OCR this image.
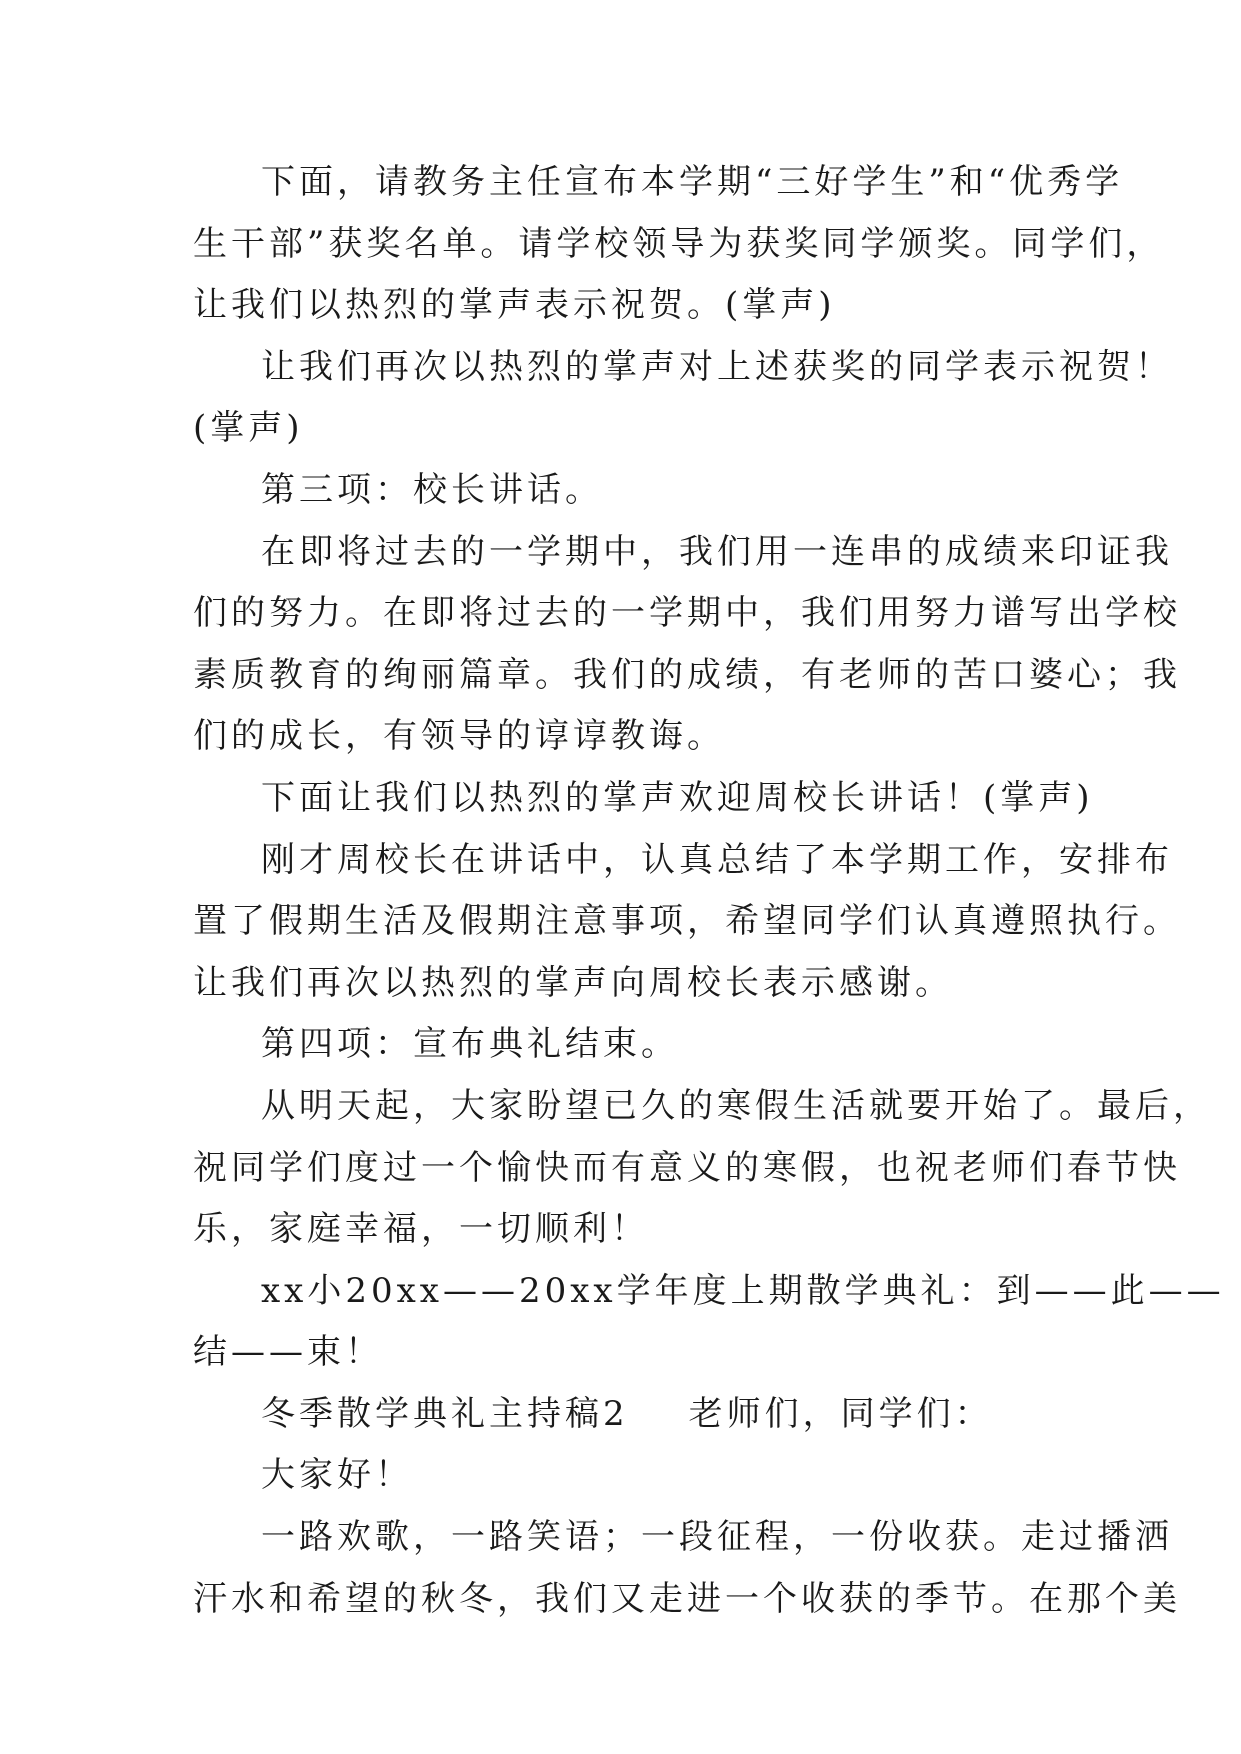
下面，请教务主任宣布本学期“三好学生”和“优秀学

生干部”获奖名单。请学校领导为获奖同学颁奖。同学们，

让我们以热烈的掌声表示祝贺。(掌声)

让我们再次以热烈的掌声对上述获奖的同学表示祝贺！

(掌声)

第三项：校长讲话。

在即将过去的一学期中，我们用一连串的成绩来印证我

们的努力。在即将过去的一学期中，我们用努力谱写出学校

素质教育的绚丽篇章。我们的成绩，有老师的苦口婆心；我

们的成长，有领导的谆谆教诲。

下面让我们以热烈的掌声欢迎周校长讲话！(掌声)

刚才周校长在讲话中，认真总结了本学期工作，安排布

置了假期生活及假期注意事项，希望同学们认真遵照执行。

让我们再次以热烈的掌声向周校长表示感谢。

第四项：宣布典礼结束。

从明天起，大家盼望已久的寒假生活就要开始了。最后，

祝同学们度过一个愉快而有意义的寒假，也祝老师们春节快

乐，家庭幸福，一切顺利！

xx小20xx——20xx学年度上期散学典礼：到——此——

结——束！

冬季散学典礼主持稿2 老师们，同学们：

大家好！

一路欢歌，一路笑语；一段征程，一份收获。走过播洒

汗水和希望的秋冬，我们又走进一个收获的季节。在那个美
